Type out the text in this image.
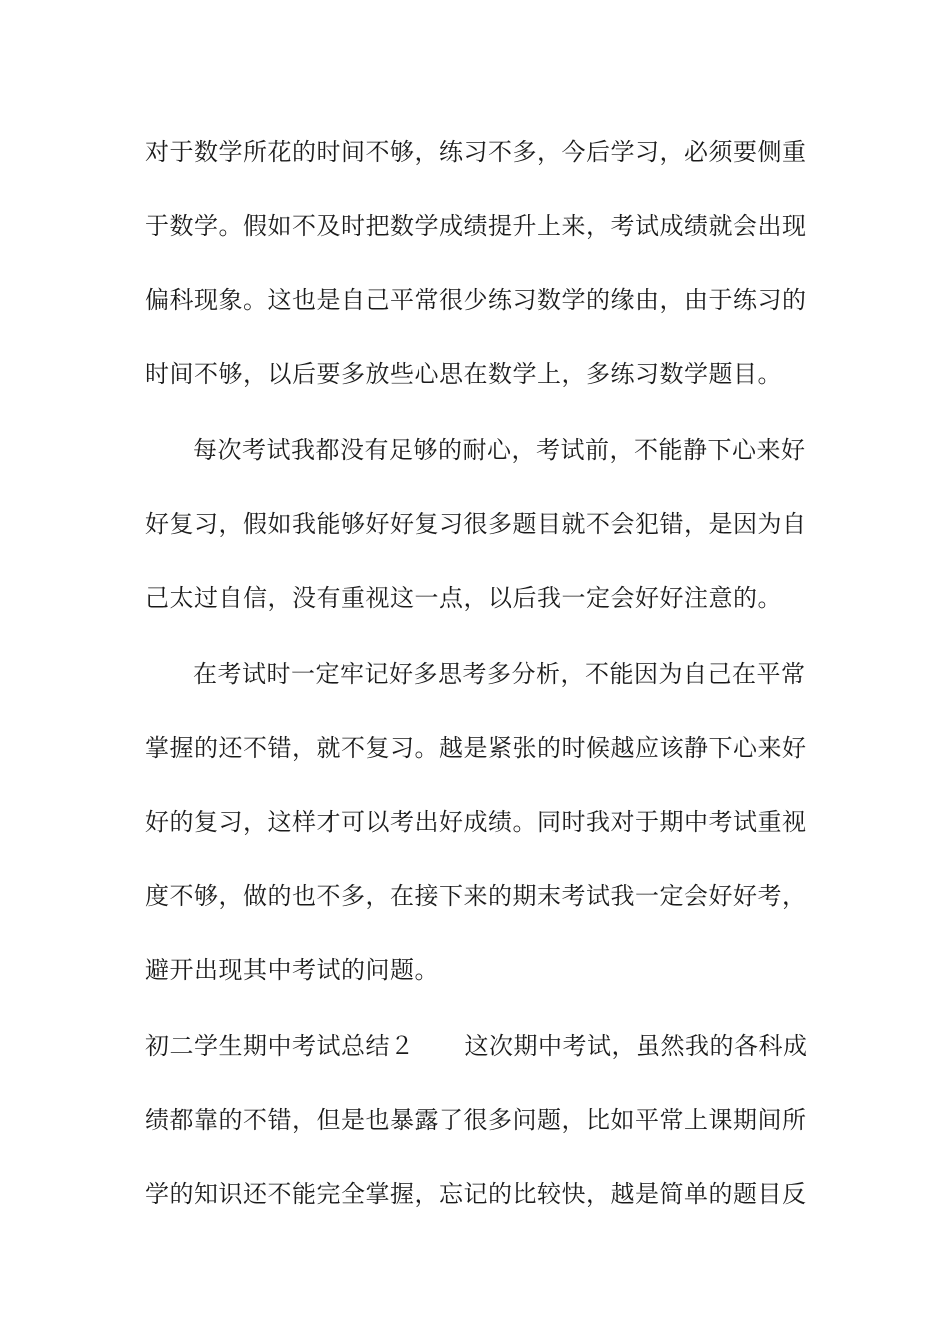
对于数学所花的时间不够，练习不多，今后学习，必须要侧重
于数学。假如不及时把数学成绩提升上来，考试成绩就会出现
偏科现象。这也是自己平常很少练习数学的缘由，由于练习的
时间不够，以后要多放些心思在数学上，多练习数学题目。
每次考试我都没有足够的耐心，考试前，不能静下心来好
好复习，假如我能够好好复习很多题目就不会犯错，是因为自
己太过自信，没有重视这一点，以后我一定会好好注意的。
在考试时一定牢记好多思考多分析，不能因为自己在平常
掌握的还不错，就不复习。越是紧张的时候越应该静下心来好
好的复习，这样才可以考出好成绩。同时我对于期中考试重视
度不够，做的也不多，在接下来的期末考试我一定会好好考，
避开出现其中考试的问题。
初二学生期中考试总结２ 这次期中考试，虽然我的各科成
绩都靠的不错，但是也暴露了很多问题，比如平常上课期间所
学的知识还不能完全掌握，忘记的比较快，越是简单的题目反
